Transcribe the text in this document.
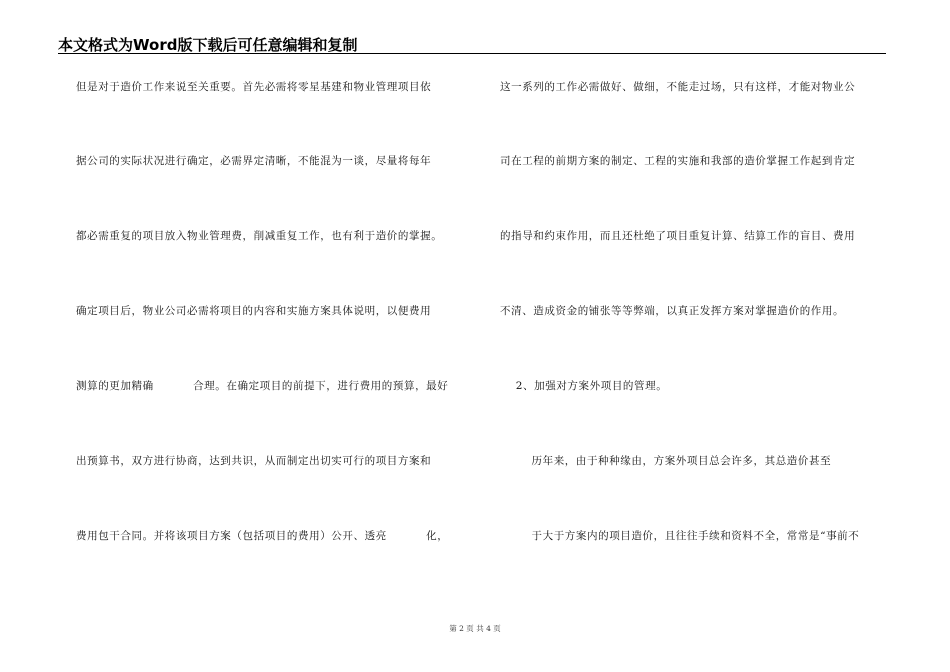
本文格式为Word版下载后可任意编辑和复制
但是对于造价工作来说至关重要。首先必需将零星基建和物业管理项目依
据公司的实际状况进行确定，必需界定清晰，不能混为一谈，尽量将每年
都必需重复的项目放入物业管理费，削减重复工作，也有利于造价的掌握。
确定项目后，物业公司必需将项目的内容和实施方案具体说明，以便费用
测算的更加精确          合理。在确定项目的前提下，进行费用的预算，最好
出预算书，双方进行协商，达到共识，从而制定出切实可行的项目方案和
费用包干合同。并将该项目方案（包括项目的费用）公开、透亮          化，
这一系列的工作必需做好、做细，不能走过场，只有这样，才能对物业公
司在工程的前期方案的制定、工程的实施和我部的造价掌握工作起到肯定
的指导和约束作用，而且还杜绝了项目重复计算、结算工作的盲目、费用
不清、造成资金的铺张等等弊端，以真正发挥方案对掌握造价的作用。
2、加强对方案外项目的管理。
历年来，由于种种缘由，方案外项目总会许多，其总造价甚至
于大于方案内的项目造价，且往往手续和资料不全，常常是“事前不
第 2 页 共 4 页
